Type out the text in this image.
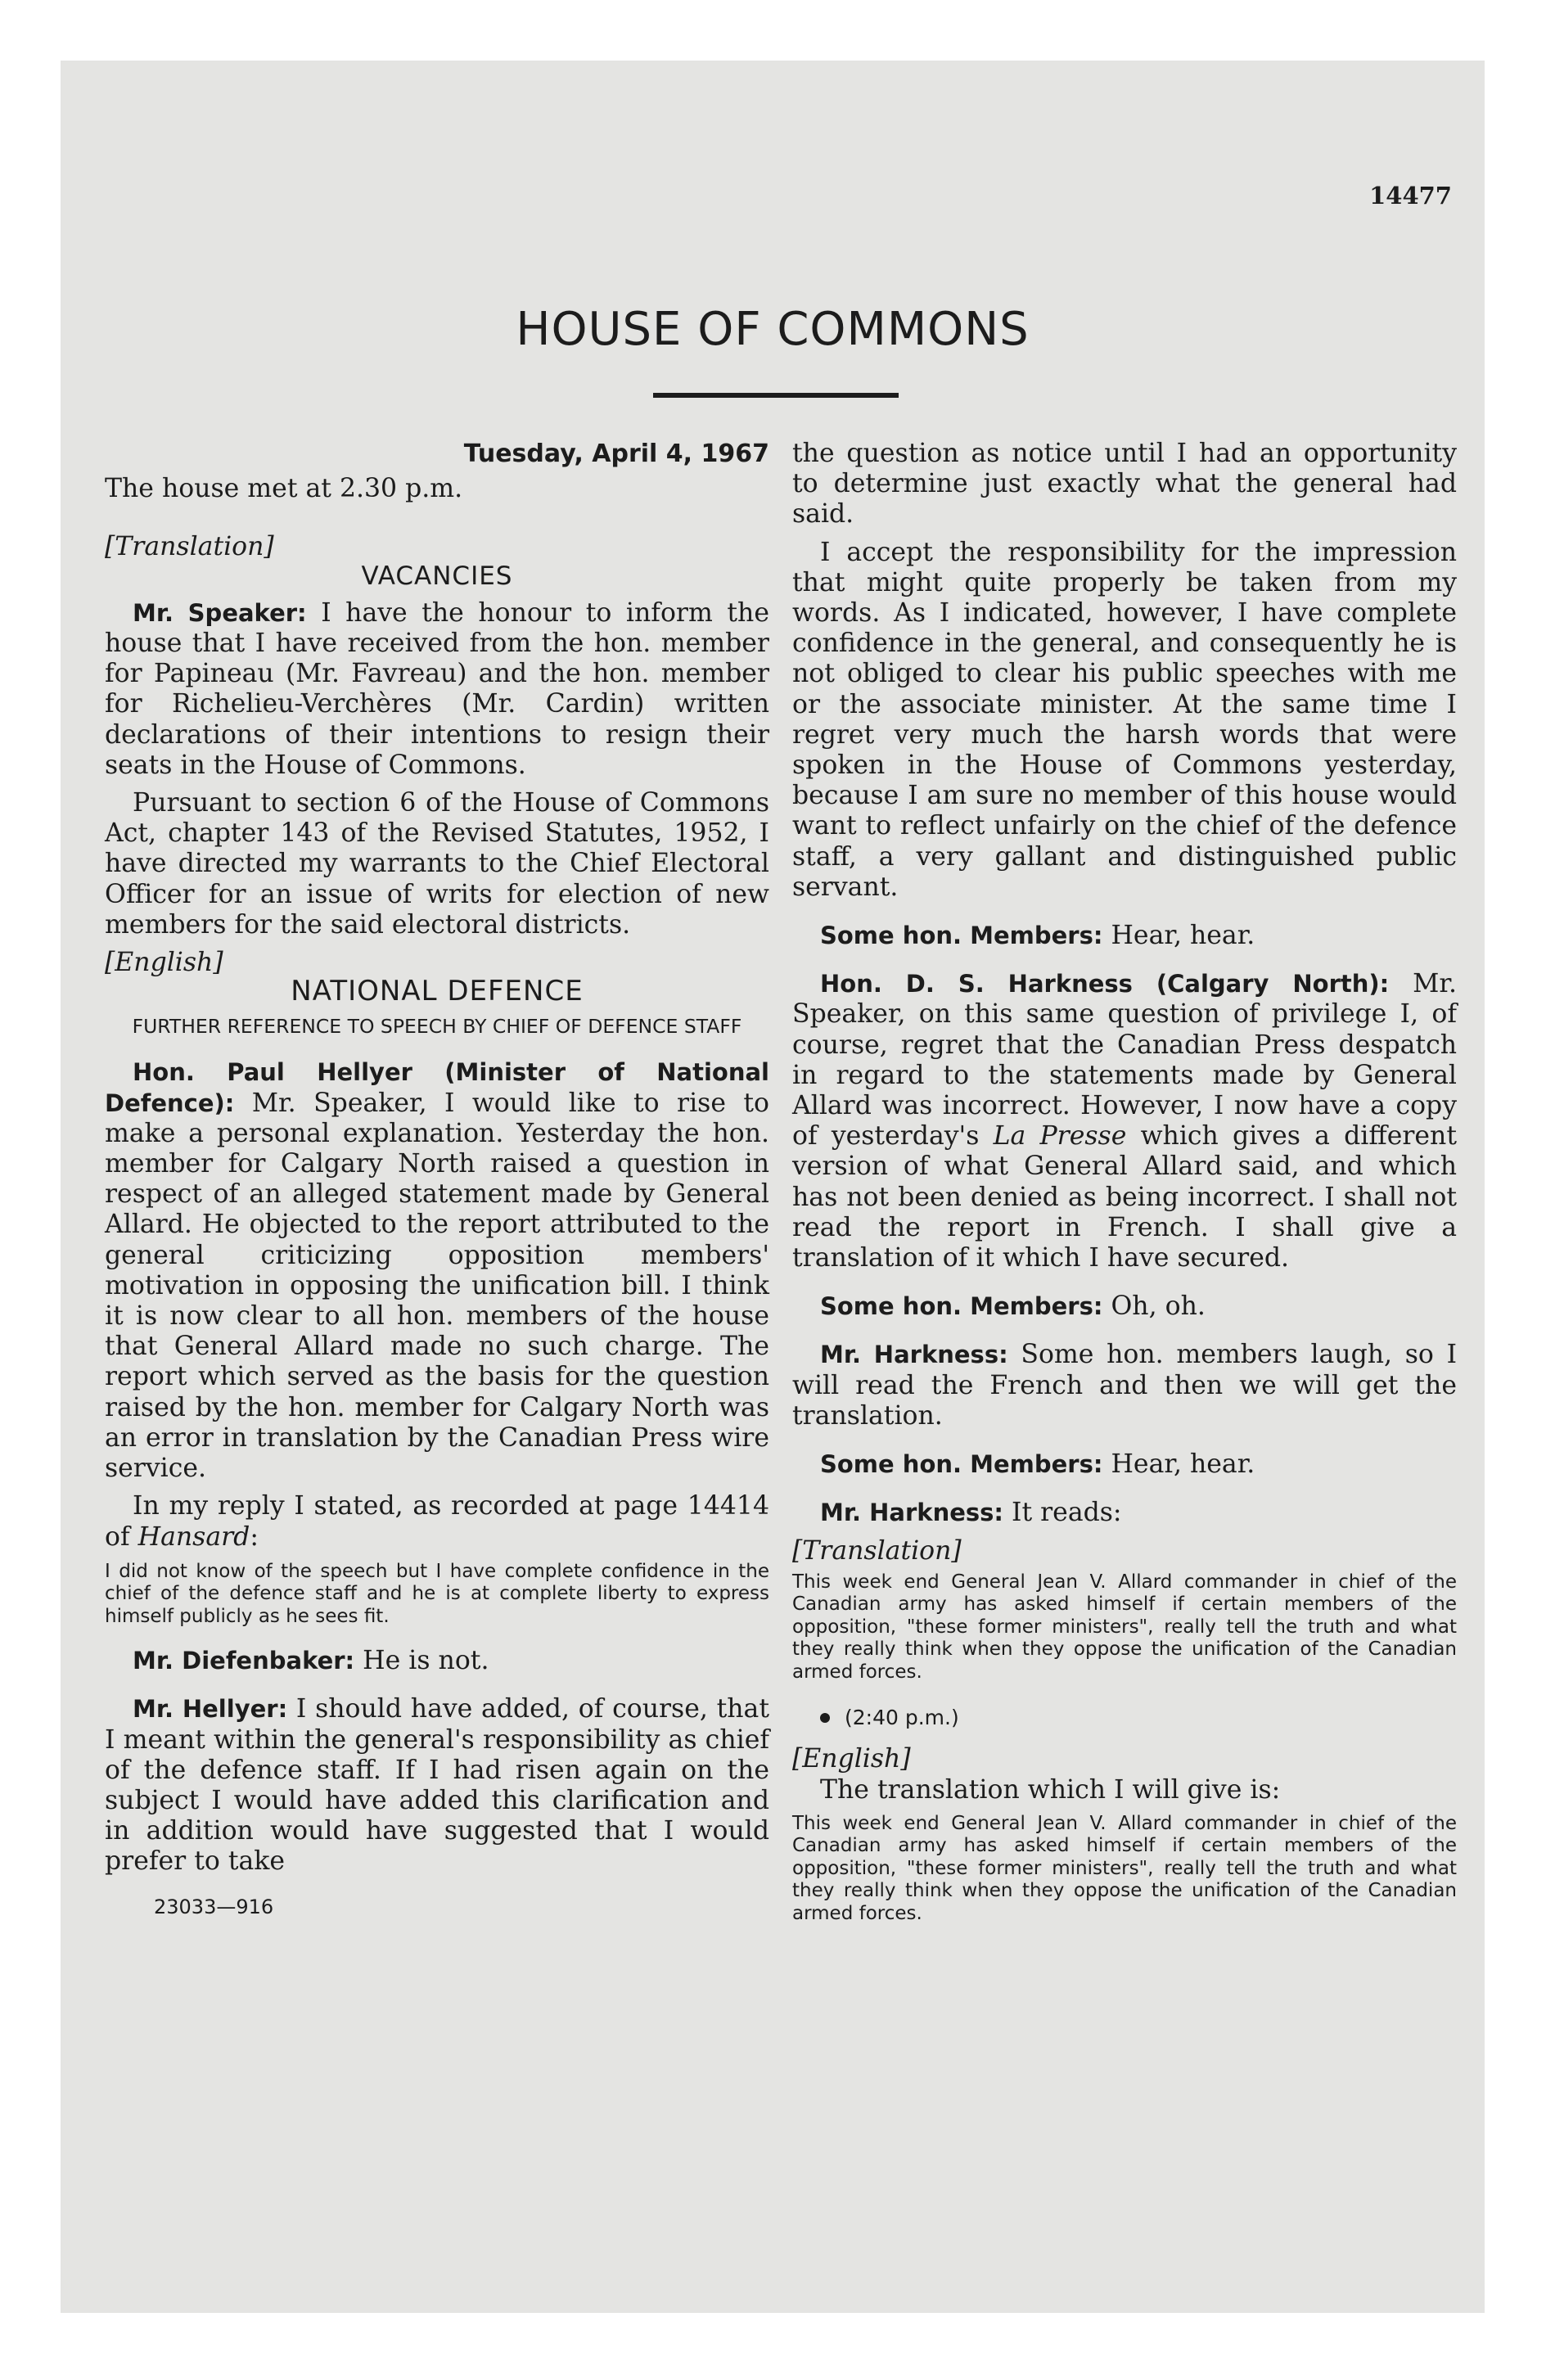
14477
HOUSE OF COMMONS
Tuesday, April 4, 1967

The house met at 2.30 p.m.

[Translation]
VACANCIES

Mr. Speaker: I have the honour to inform the house that I have received from the hon. member for Papineau (Mr. Favreau) and the hon. member for Richelieu-Verchères (Mr. Cardin) written declarations of their intentions to resign their seats in the House of Commons.

Pursuant to section 6 of the House of Commons Act, chapter 143 of the Revised Statutes, 1952, I have directed my warrants to the Chief Electoral Officer for an issue of writs for election of new members for the said electoral districts.

[English]
NATIONAL DEFENCE
FURTHER REFERENCE TO SPEECH BY CHIEF OF DEFENCE STAFF

Hon. Paul Hellyer (Minister of National Defence): Mr. Speaker, I would like to rise to make a personal explanation. Yesterday the hon. member for Calgary North raised a question in respect of an alleged statement made by General Allard. He objected to the report attributed to the general criticizing opposition members' motivation in opposing the unification bill. I think it is now clear to all hon. members of the house that General Allard made no such charge. The report which served as the basis for the question raised by the hon. member for Calgary North was an error in translation by the Canadian Press wire service.

In my reply I stated, as recorded at page 14414 of Hansard:

I did not know of the speech but I have complete confidence in the chief of the defence staff and he is at complete liberty to express himself publicly as he sees fit.

Mr. Diefenbaker: He is not.

Mr. Hellyer: I should have added, of course, that I meant within the general's responsibility as chief of the defence staff. If I had risen again on the subject I would have added this clarification and in addition would have suggested that I would prefer to take

23033—916

the question as notice until I had an opportunity to determine just exactly what the general had said.

I accept the responsibility for the impression that might quite properly be taken from my words. As I indicated, however, I have complete confidence in the general, and consequently he is not obliged to clear his public speeches with me or the associate minister. At the same time I regret very much the harsh words that were spoken in the House of Commons yesterday, because I am sure no member of this house would want to reflect unfairly on the chief of the defence staff, a very gallant and distinguished public servant.

Some hon. Members: Hear, hear.

Hon. D. S. Harkness (Calgary North): Mr. Speaker, on this same question of privilege I, of course, regret that the Canadian Press despatch in regard to the statements made by General Allard was incorrect. However, I now have a copy of yesterday's La Presse which gives a different version of what General Allard said, and which has not been denied as being incorrect. I shall not read the report in French. I shall give a translation of it which I have secured.

Some hon. Members: Oh, oh.

Mr. Harkness: Some hon. members laugh, so I will read the French and then we will get the translation.

Some hon. Members: Hear, hear.

Mr. Harkness: It reads:

[Translation]
This week end General Jean V. Allard commander in chief of the Canadian army has asked himself if certain members of the opposition, "these former ministers", really tell the truth and what they really think when they oppose the unification of the Canadian armed forces.
(2:40 p.m.)
[English]

The translation which I will give is:

This week end General Jean V. Allard commander in chief of the Canadian army has asked himself if certain members of the opposition, "these former ministers", really tell the truth and what they really think when they oppose the unification of the Canadian armed forces.
